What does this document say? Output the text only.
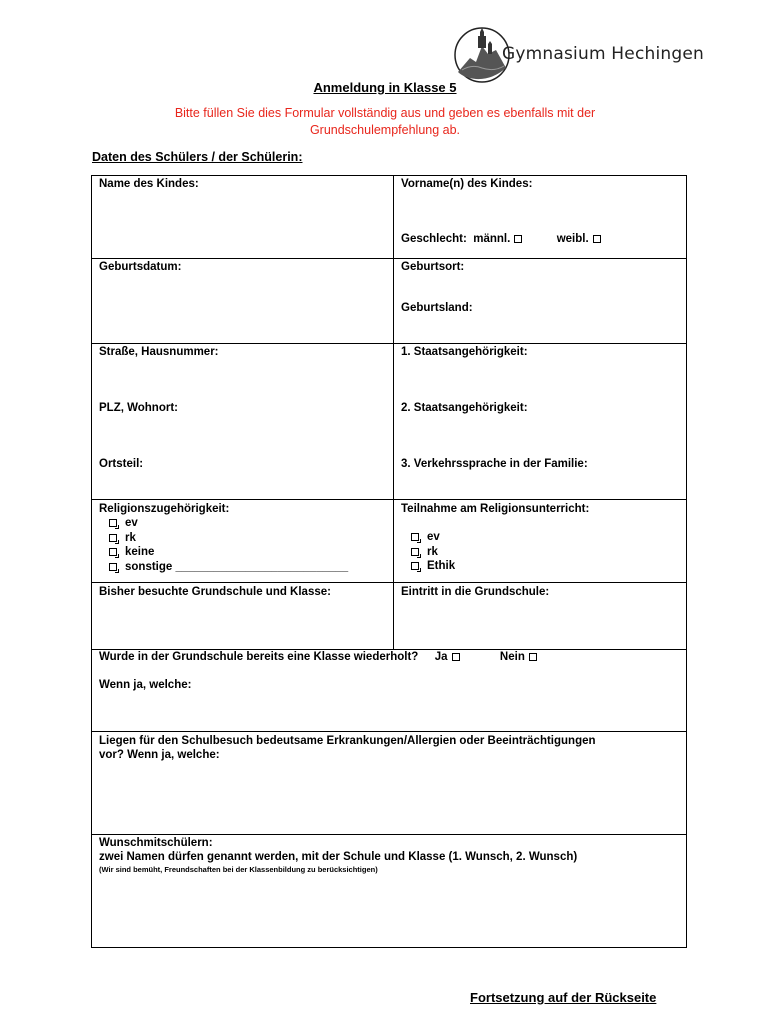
Gymnasium Hechingen
Anmeldung in Klasse 5
Bitte füllen Sie dies Formular vollständig aus und geben es ebenfalls mit der
Grundschulempfehlung ab.
Daten des Schülers / der Schülerin:
Name des Kindes:	Vorname(n) des Kindes:
Geschlecht: männl.	weibl.
Geburtsdatum:	Geburtsort:
Geburtsland:
Straße, Hausnummer:	1. Staatsangehörigkeit:
PLZ, Wohnort:	2. Staatsangehörigkeit:
Ortsteil:	3. Verkehrssprache in der Familie:
Religionszugehörigkeit:
ev
rk
keine
sonstige ___________________________
Teilnahme am Religionsunterricht:
ev
rk
Ethik
Bisher besuchte Grundschule und Klasse:	Eintritt in die Grundschule:
Wurde in der Grundschule bereits eine Klasse wiederholt? Ja	Nein
Wenn ja, welche:
Liegen für den Schulbesuch bedeutsame Erkrankungen/Allergien oder Beeinträchtigungen
vor? Wenn ja, welche:
Wunschmitschülern:
zwei Namen dürfen genannt werden, mit der Schule und Klasse (1. Wunsch, 2. Wunsch)
(Wir sind bemüht, Freundschaften bei der Klassenbildung zu berücksichtigen)
Fortsetzung auf der Rückseite
